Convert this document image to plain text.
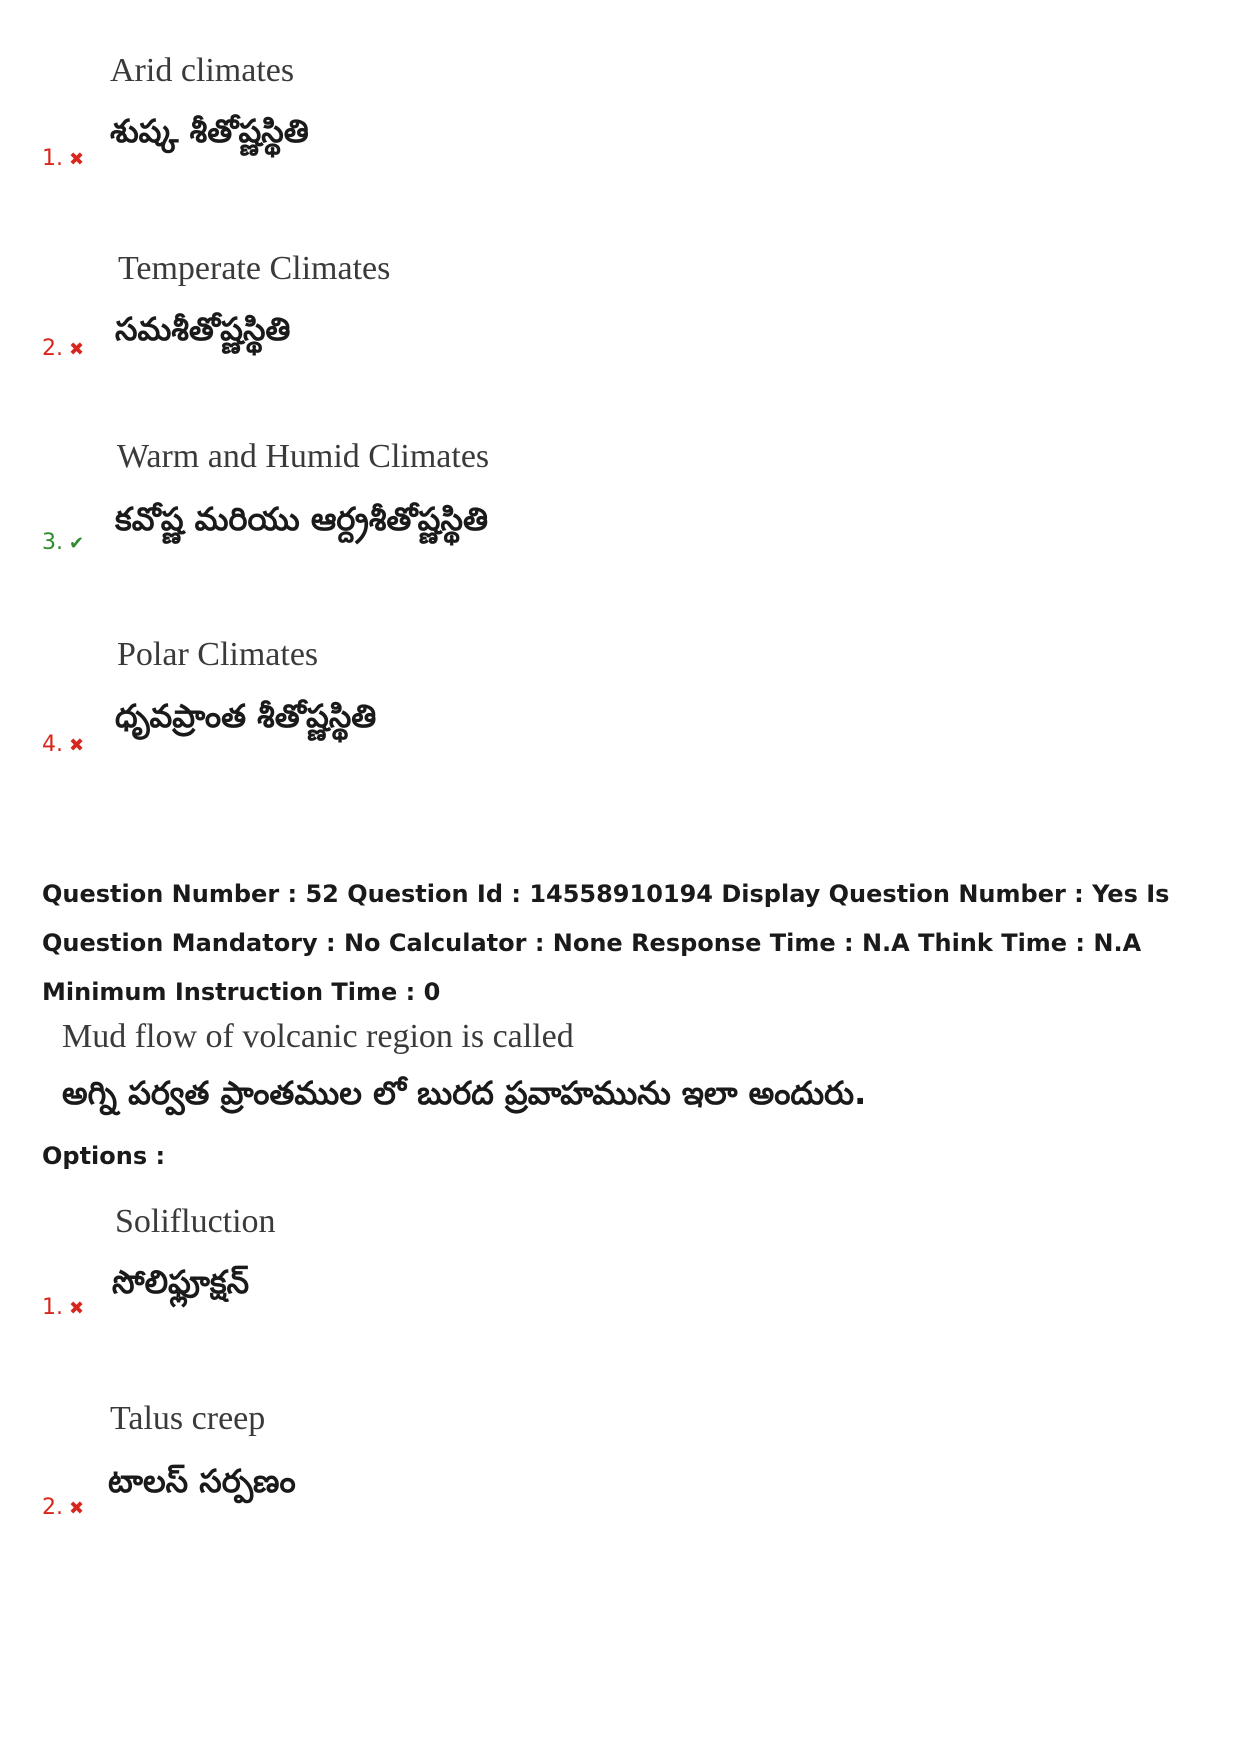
Arid climates
శుష్క శీతోష్ణస్థితి
1. ✖
Temperate Climates
సమశీతోష్ణస్థితి
2. ✖
Warm and Humid Climates
కవోష్ణ మరియు ఆర్ద్రశీతోష్ణస్థితి
3. ✔
Polar Climates
ధృవప్రాంత శీతోష్ణస్థితి
4. ✖
Question Number : 52 Question Id : 14558910194 Display Question Number : Yes Is Question Mandatory : No Calculator : None Response Time : N.A Think Time : N.A Minimum Instruction Time : 0
Mud flow of volcanic region is called
అగ్ని పర్వత ప్రాంతముల లో బురద ప్రవాహమును ఇలా అందురు.
Options :
Solifluction
సోలిఫ్లూక్షన్
1. ✖
Talus creep
టాలస్ సర్పణం
2. ✖
